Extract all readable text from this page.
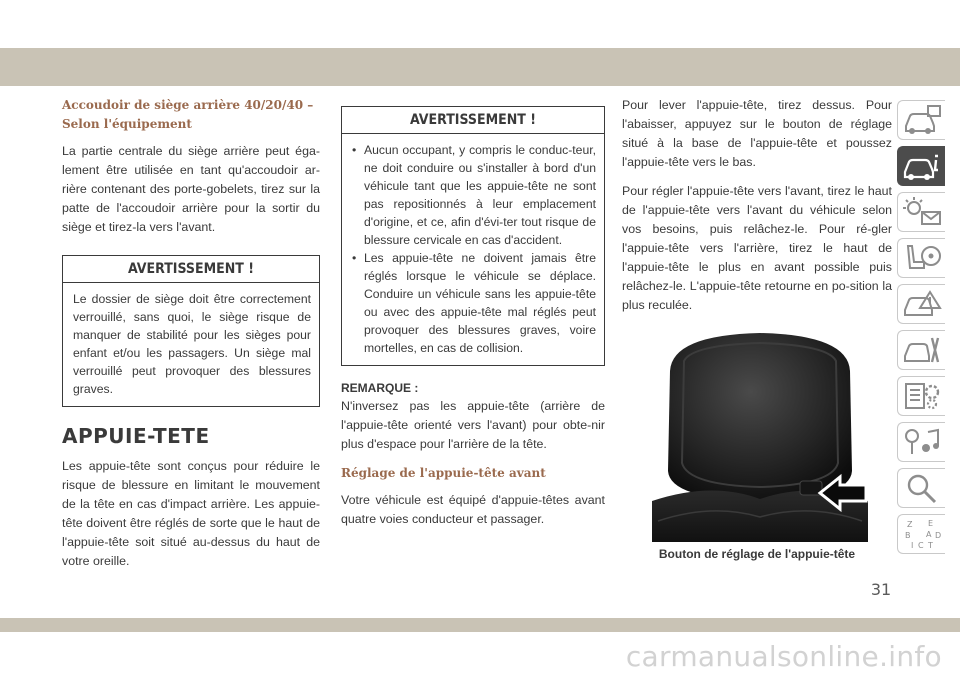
Accoudoir de siège arrière 40/20/40 – Selon l'équipement

La partie centrale du siège arrière peut éga-lement être utilisée en tant qu'accoudoir ar-rière contenant des porte-gobelets, tirez sur la patte de l'accoudoir arrière pour la sortir du siège et tirez-la vers l'avant.

AVERTISSEMENT !
Le dossier de siège doit être correctement verrouillé, sans quoi, le siège risque de manquer de stabilité pour les sièges pour enfant et/ou les passagers. Un siège mal verrouillé peut provoquer des blessures graves.
APPUIE-TETE

Les appuie-tête sont conçus pour réduire le risque de blessure en limitant le mouvement de la tête en cas d'impact arrière. Les appuie-tête doivent être réglés de sorte que le haut de l'appuie-tête soit situé au-dessus du haut de votre oreille.

AVERTISSEMENT !
• Aucun occupant, y compris le conduc-teur, ne doit conduire ou s'installer à bord d'un véhicule tant que les appuie-tête ne sont pas repositionnés à leur emplacement d'origine, et ce, afin d'évi-ter tout risque de blessure cervicale en cas d'accident.
• Les appuie-tête ne doivent jamais être réglés lorsque le véhicule se déplace. Conduire un véhicule sans les appuie-tête ou avec des appuie-tête mal réglés peut provoquer des blessures graves, voire mortelles, en cas de collision.

REMARQUE :

N'inversez pas les appuie-tête (arrière de l'appuie-tête orienté vers l'avant) pour obte-nir plus d'espace pour l'arrière de la tête.

Réglage de l'appuie-tête avant

Votre véhicule est équipé d'appuie-têtes avant quatre voies conducteur et passager.

Pour lever l'appuie-tête, tirez dessus. Pour l'abaisser, appuyez sur le bouton de réglage situé à la base de l'appuie-tête et poussez l'appuie-tête vers le bas.

Pour régler l'appuie-tête vers l'avant, tirez le haut de l'appuie-tête vers l'avant du véhicule selon vos besoins, puis relâchez-le. Pour ré-gler l'appuie-tête vers l'arrière, tirez le haut de l'appuie-tête le plus en avant possible puis relâchez-le. L'appuie-tête retourne en po-sition la plus reculée.

Bouton de réglage de l'appuie-tête
31
Z E
B A D
I C T
carmanualsonline.info
